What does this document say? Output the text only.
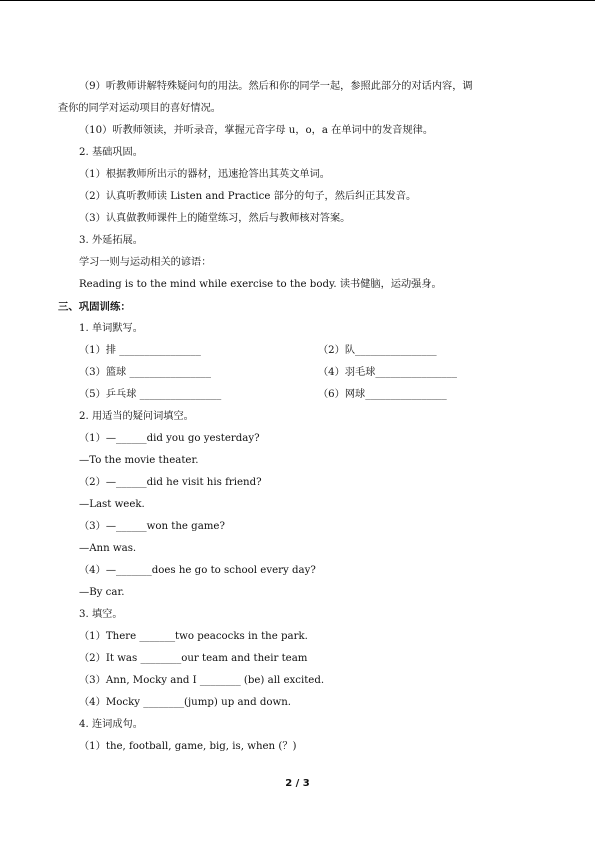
（9）听教师讲解特殊疑问句的用法。然后和你的同学一起，参照此部分的对话内容，调
查你的同学对运动项目的喜好情况。
（10）听教师领读，并听录音，掌握元音字母 u，o，a 在单词中的发音规律。
2. 基础巩固。
（1）根据教师所出示的器材，迅速抢答出其英文单词。
（2）认真听教师读 Listen and Practice 部分的句子，然后纠正其发音。
（3）认真做教师课件上的随堂练习，然后与教师核对答案。
3. 外延拓展。
学习一则与运动相关的谚语：
Reading is to the mind while exercise to the body. 读书健脑，运动强身。
三、巩固训练：
1. 单词默写。
（1）排 ________________	（2）队________________
（3）篮球 ________________	（4）羽毛球________________
（5）乒乓球 ________________	（6）网球________________
2. 用适当的疑问词填空。
（1）—______did you go yesterday?
—To the movie theater.
（2）—______did he visit his friend?
—Last week.
（3）—______won the game?
—Ann was.
（4）—_______does he go to school every day?
—By car.
3. 填空。
（1）There _______two peacocks in the park.
（2）It was ________our team and their team
（3）Ann, Mocky and I ________ (be) all excited.
（4）Mocky ________(jump) up and down.
4. 连词成句。
（1）the, football, game, big, is, when (？)
2 / 3
